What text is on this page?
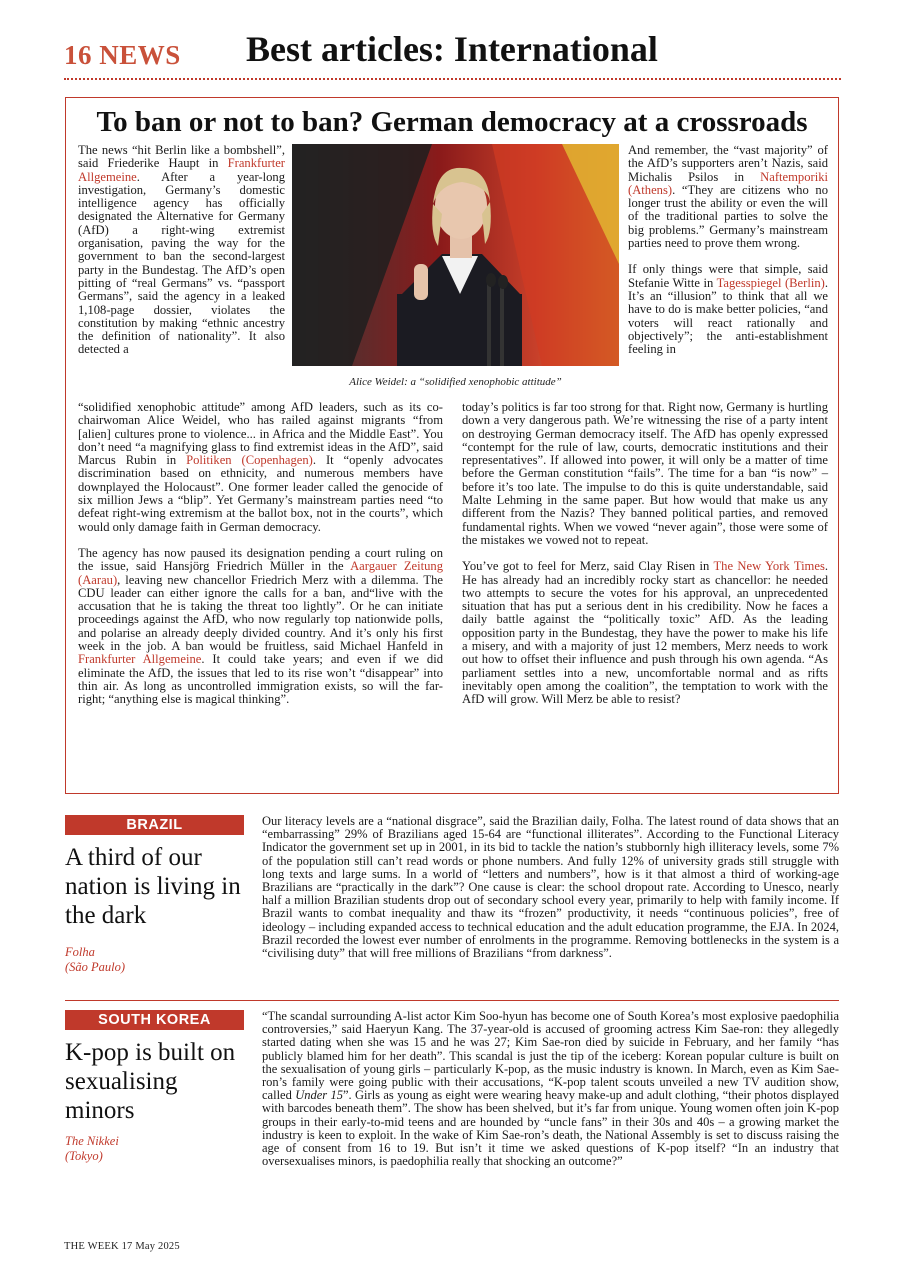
16 NEWS Best articles: International
To ban or not to ban? German democracy at a crossroads

The news “hit Berlin like a bombshell”, said Friederike Haupt in Frankfurter Allgemeine. After a year-long investigation, Germany’s domestic intelligence agency has officially designated the Alternative for Germany (AfD) a right-wing extremist organisation, paving the way for the government to ban the second-largest party in the Bundestag. The AfD’s open pitting of “real Germans” vs. “passport Germans”, said the agency in a leaked 1,108-page dossier, violates the constitution by making “ethnic ancestry the definition of nationality”. It also detected a

Alice Weidel: a “solidified xenophobic attitude”

And remember, the “vast majority” of the AfD’s supporters aren’t Nazis, said Michalis Psilos in Naftemporiki (Athens). “They are citizens who no longer trust the ability or even the will of the traditional parties to solve the big problems.” Germany’s mainstream parties need to prove them wrong.

If only things were that simple, said Stefanie Witte in Tagesspiegel (Berlin). It’s an “illusion” to think that all we have to do is make better policies, “and voters will react rationally and objectively”; the anti-establishment feeling in

“solidified xenophobic attitude” among AfD leaders, such as its co-chairwoman Alice Weidel, who has railed against migrants “from [alien] cultures prone to violence... in Africa and the Middle East”. You don’t need “a magnifying glass to find extremist ideas in the AfD”, said Marcus Rubin in Politiken (Copenhagen). It “openly advocates discrimination based on ethnicity, and numerous members have downplayed the Holocaust”. One former leader called the genocide of six million Jews a “blip”. Yet Germany’s mainstream parties need “to defeat right-wing extremism at the ballot box, not in the courts”, which would only damage faith in German democracy.

The agency has now paused its designation pending a court ruling on the issue, said Hansjörg Friedrich Müller in the Aargauer Zeitung (Aarau), leaving new chancellor Friedrich Merz with a dilemma. The CDU leader can either ignore the calls for a ban, and“live with the accusation that he is taking the threat too lightly”. Or he can initiate proceedings against the AfD, who now regularly top nationwide polls, and polarise an already deeply divided country. And it’s only his first week in the job. A ban would be fruitless, said Michael Hanfeld in Frankfurter Allgemeine. It could take years; and even if we did eliminate the AfD, the issues that led to its rise won’t “disappear” into thin air. As long as uncontrolled immigration exists, so will the far-right; “anything else is magical thinking”.

today’s politics is far too strong for that. Right now, Germany is hurtling down a very dangerous path. We’re witnessing the rise of a party intent on destroying German democracy itself. The AfD has openly expressed “contempt for the rule of law, courts, democratic institutions and their representatives”. If allowed into power, it will only be a matter of time before the German constitution “fails”. The time for a ban “is now” – before it’s too late. The impulse to do this is quite understandable, said Malte Lehming in the same paper. But how would that make us any different from the Nazis? They banned political parties, and removed fundamental rights. When we vowed “never again”, those were some of the mistakes we vowed not to repeat.

You’ve got to feel for Merz, said Clay Risen in The New York Times. He has already had an incredibly rocky start as chancellor: he needed two attempts to secure the votes for his approval, an unprecedented situation that has put a serious dent in his credibility. Now he faces a daily battle against the “politically toxic” AfD. As the leading opposition party in the Bundestag, they have the power to make his life a misery, and with a majority of just 12 members, Merz needs to work out how to offset their influence and push through his own agenda. “As parliament settles into a new, uncomfortable normal and as rifts inevitably open among the coalition”, the temptation to work with the AfD will grow. Will Merz be able to resist?

BRAZIL
A third of our nation is living in the dark
Folha
(São Paulo)

Our literacy levels are a “national disgrace”, said the Brazilian daily, Folha. The latest round of data shows that an “embarrassing” 29% of Brazilians aged 15-64 are “functional illiterates”. According to the Functional Literacy Indicator the government set up in 2001, in its bid to tackle the nation’s stubbornly high illiteracy levels, some 7% of the population still can’t read words or phone numbers. And fully 12% of university grads still struggle with long texts and large sums. In a world of “letters and numbers”, how is it that almost a third of working-age Brazilians are “practically in the dark”? One cause is clear: the school dropout rate. According to Unesco, nearly half a million Brazilian students drop out of secondary school every year, primarily to help with family income. If Brazil wants to combat inequality and thaw its “frozen” productivity, it needs “continuous policies”, free of ideology – including expanded access to technical education and the adult education programme, the EJA. In 2024, Brazil recorded the lowest ever number of enrolments in the programme. Removing bottlenecks in the system is a “civilising duty” that will free millions of Brazilians “from darkness”.

SOUTH KOREA
K-pop is built on sexualising minors
The Nikkei
(Tokyo)

“The scandal surrounding A-list actor Kim Soo-hyun has become one of South Korea’s most explosive paedophilia controversies,” said Haeryun Kang. The 37-year-old is accused of grooming actress Kim Sae-ron: they allegedly started dating when she was 15 and he was 27; Kim Sae-ron died by suicide in February, and her family “has publicly blamed him for her death”. This scandal is just the tip of the iceberg: Korean popular culture is built on the sexualisation of young girls – particularly K-pop, as the music industry is known. In March, even as Kim Sae-ron’s family were going public with their accusations, “K-pop talent scouts unveiled a new TV audition show, called Under 15”. Girls as young as eight were wearing heavy make-up and adult clothing, “their photos displayed with barcodes beneath them”. The show has been shelved, but it’s far from unique. Young women often join K-pop groups in their early-to-mid teens and are hounded by “uncle fans” in their 30s and 40s – a growing market the industry is keen to exploit. In the wake of Kim Sae-ron’s death, the National Assembly is set to discuss raising the age of consent from 16 to 19. But isn’t it time we asked questions of K-pop itself? “In an industry that oversexualises minors, is paedophilia really that shocking an outcome?”

THE WEEK 17 May 2025
